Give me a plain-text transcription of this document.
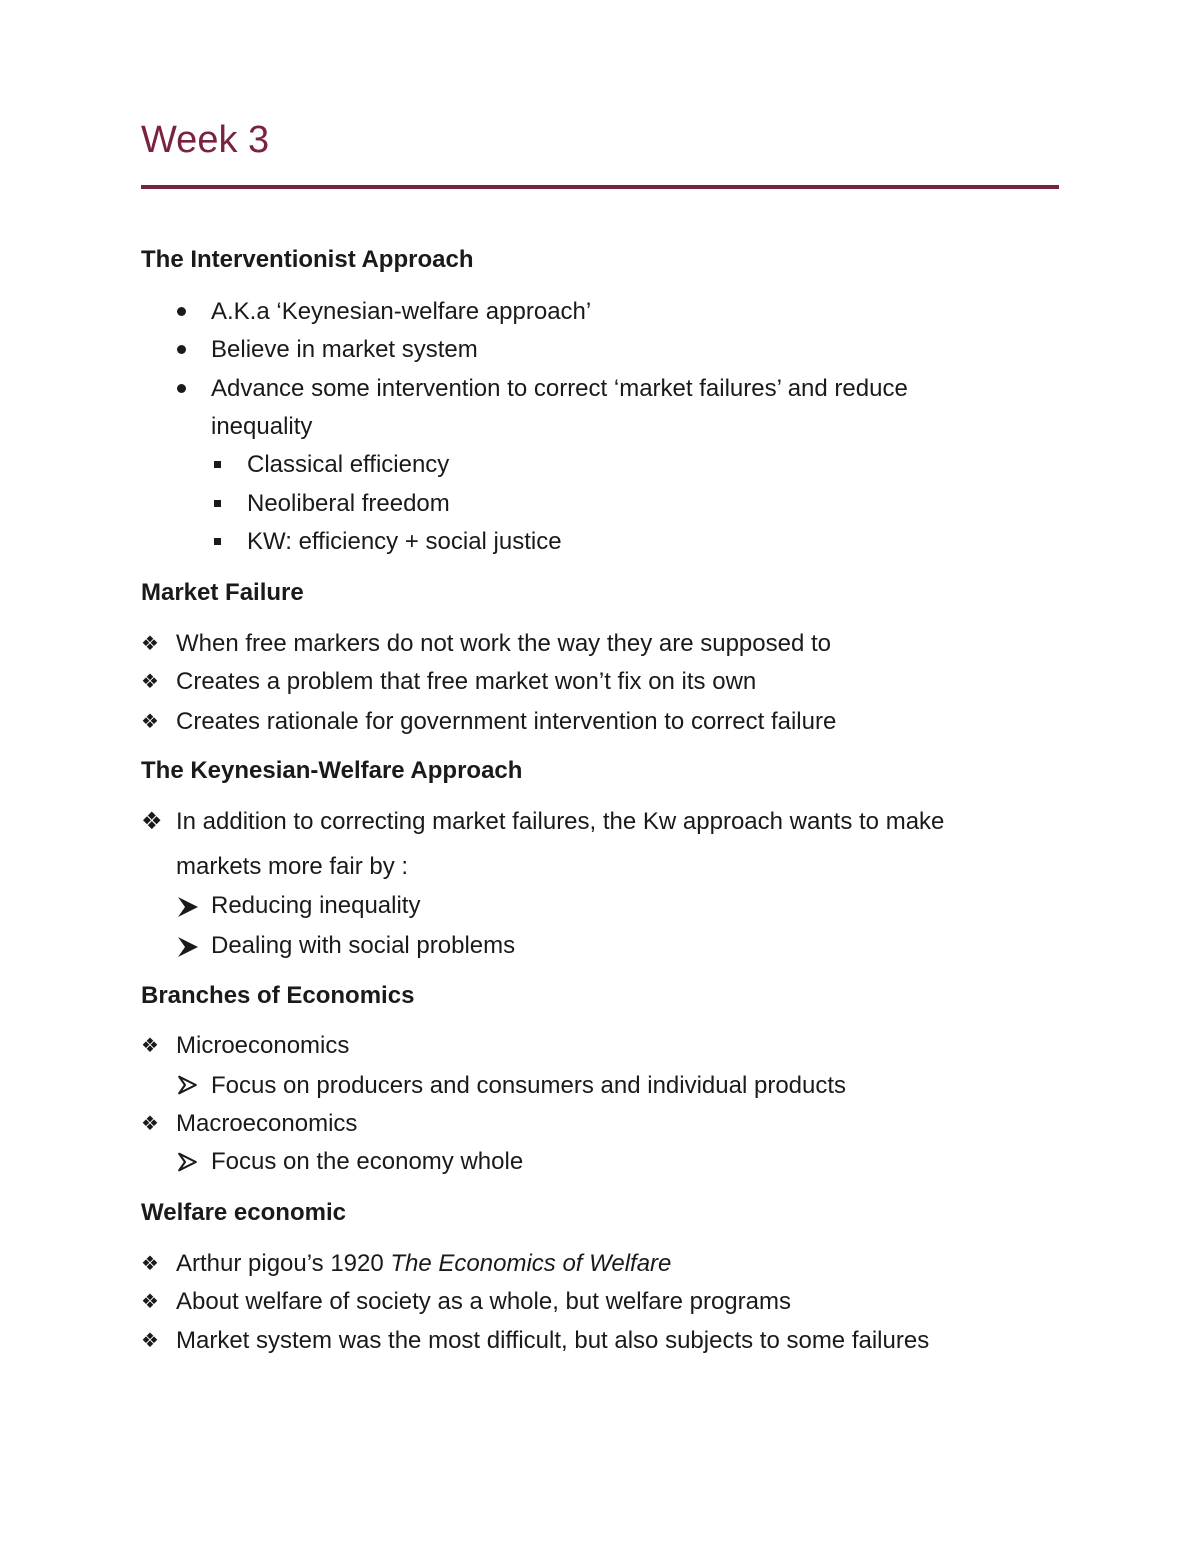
Week 3
The Interventionist Approach
A.K.a ‘Keynesian-welfare approach’
Believe in market system
Advance some intervention to correct ‘market failures’ and reduce
inequality
Classical efficiency
Neoliberal freedom
KW: efficiency + social justice
Market Failure
❖ When free markers do not work the way they are supposed to
❖ Creates a problem that free market won’t fix on its own
❖ Creates rationale for government intervention to correct failure
The Keynesian-Welfare Approach
❖ In addition to correcting market failures, the Kw approach wants to make
markets more fair by :
Reducing inequality
Dealing with social problems
Branches of Economics
❖ Microeconomics
Focus on producers and consumers and individual products
❖ Macroeconomics
Focus on the economy whole
Welfare economic
❖ Arthur pigou’s 1920 The Economics of Welfare
❖ About welfare of society as a whole, but welfare programs
❖ Market system was the most difficult, but also subjects to some failures
